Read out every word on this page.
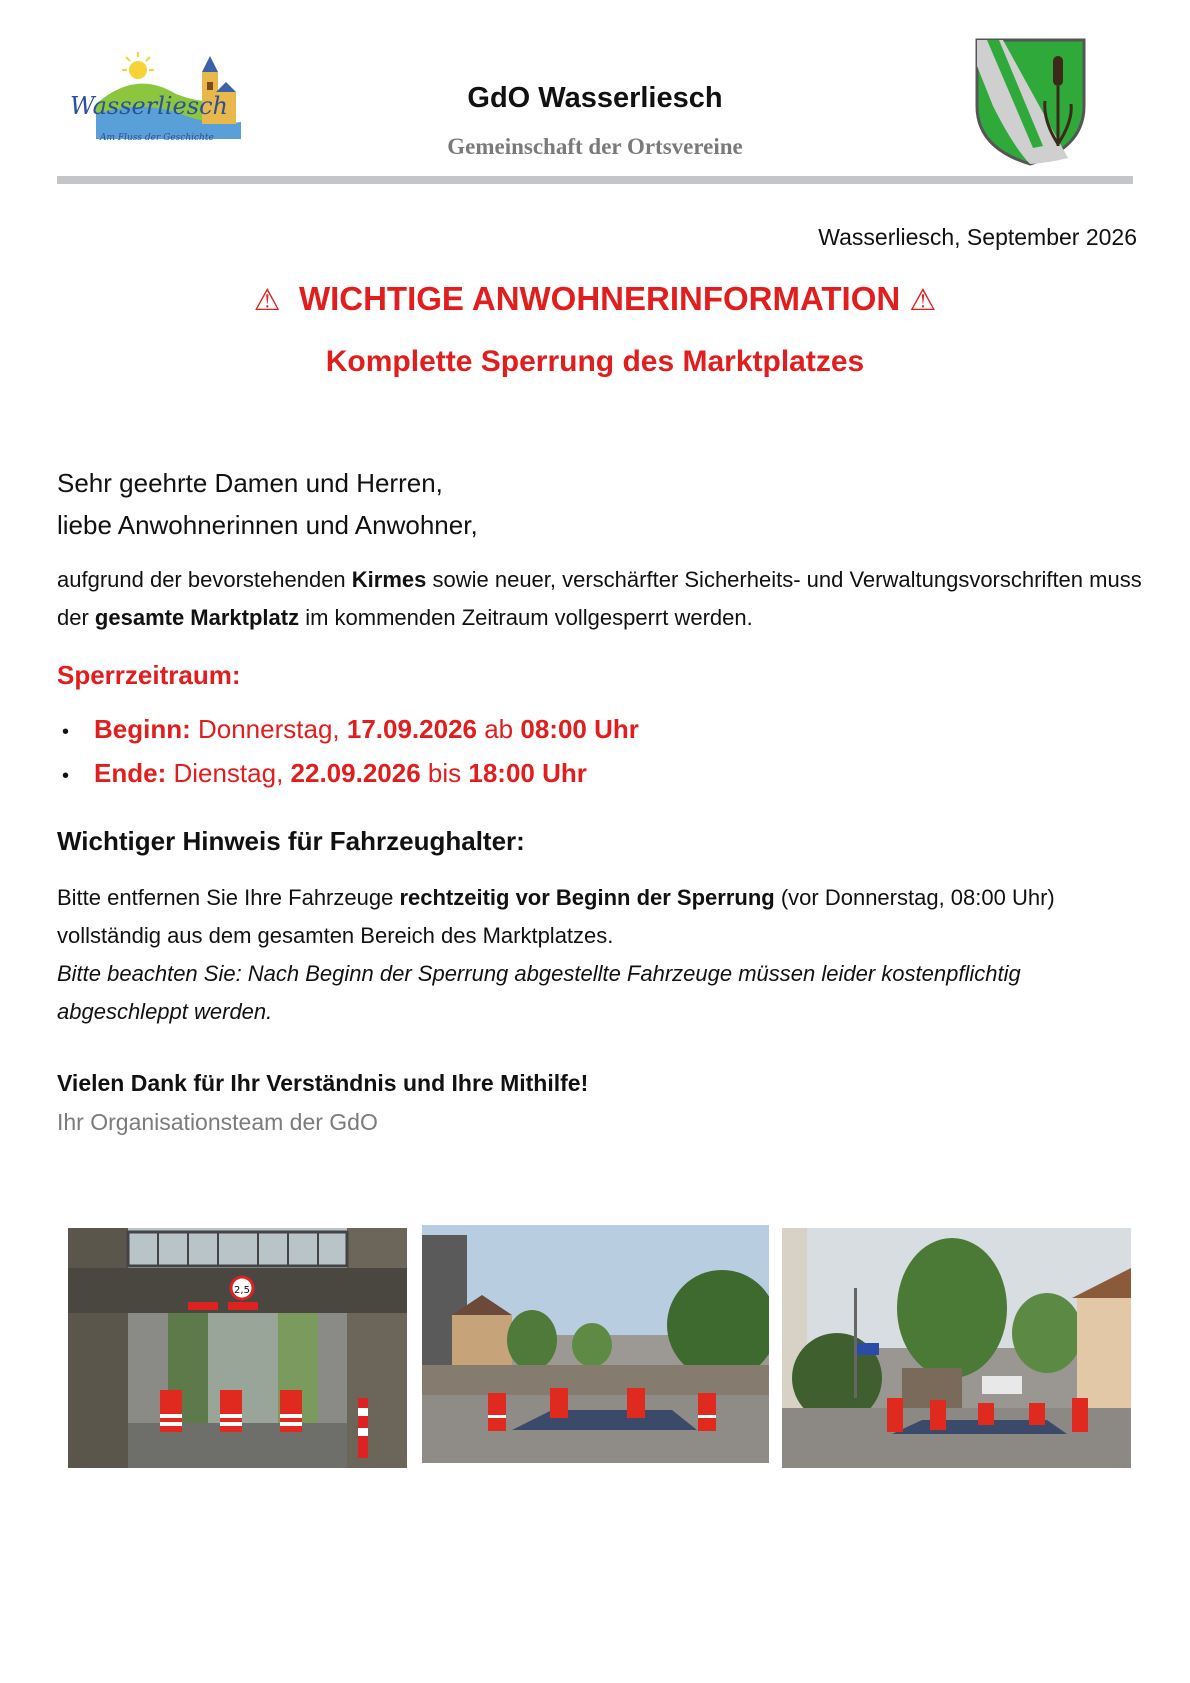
Wasserliesch
Am Fluss der Geschichte
GdO Wasserliesch
Gemeinschaft der Ortsvereine
Wasserliesch, September 2026
⚠ WICHTIGE ANWOHNERINFORMATION ⚠
Komplette Sperrung des Marktplatzes
Sehr geehrte Damen und Herren,
liebe Anwohnerinnen und Anwohner,
aufgrund der bevorstehenden Kirmes sowie neuer, verschärfter Sicherheits- und Verwaltungsvorschriften muss der gesamte Marktplatz im kommenden Zeitraum vollgesperrt werden.
Sperrzeitraum:
• Beginn: Donnerstag, 17.09.2026 ab 08:00 Uhr
• Ende: Dienstag, 22.09.2026 bis 18:00 Uhr
Wichtiger Hinweis für Fahrzeughalter:
Bitte entfernen Sie Ihre Fahrzeuge rechtzeitig vor Beginn der Sperrung (vor Donnerstag, 08:00 Uhr) vollständig aus dem gesamten Bereich des Marktplatzes.
Bitte beachten Sie: Nach Beginn der Sperrung abgestellte Fahrzeuge müssen leider kostenpflichtig abgeschleppt werden.
Vielen Dank für Ihr Verständnis und Ihre Mithilfe!
Ihr Organisationsteam der GdO
2,5
